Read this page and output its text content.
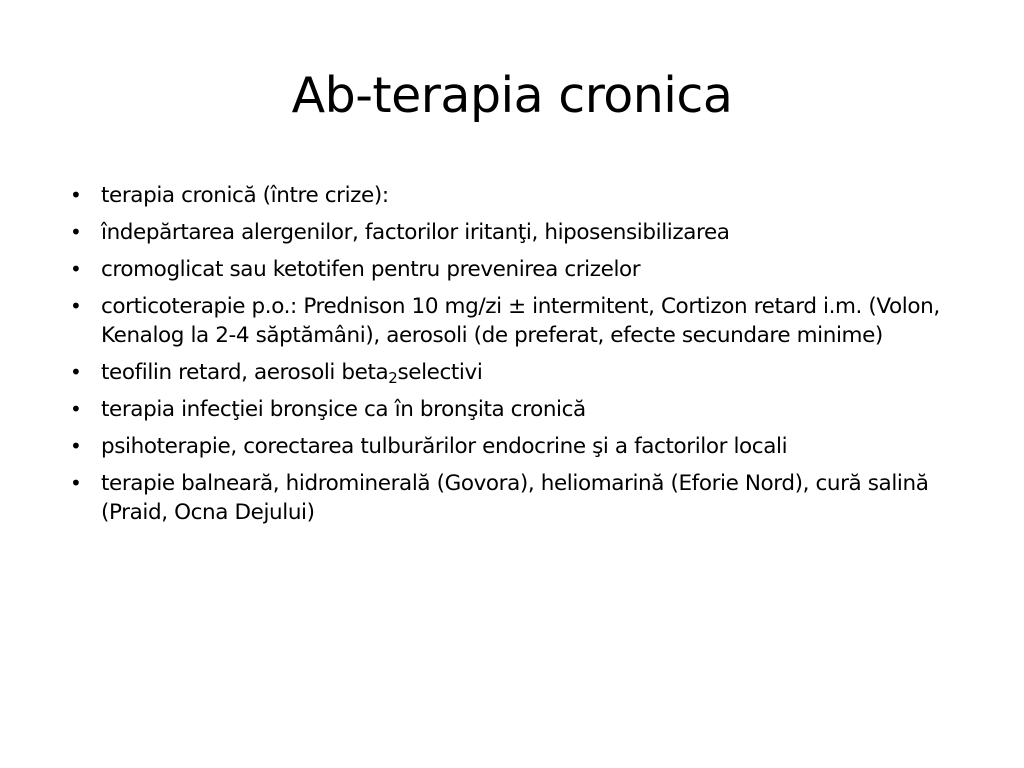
Ab-terapia cronica
• terapia cronică (între crize):
• îndepărtarea alergenilor, factorilor iritanţi, hiposensibilizarea
• cromoglicat sau ketotifen pentru prevenirea crizelor
• corticoterapie p.o.: Prednison 10 mg/zi ± intermitent, Cortizon retard i.m. (Volon, Kenalog la 2-4 săptămâni), aerosoli (de preferat, efecte secundare minime)
• teofilin retard, aerosoli beta$_2$selectivi
• terapia infecţiei bronşice ca în bronşita cronică
• psihoterapie, corectarea tulburărilor endocrine şi a factorilor locali
• terapie balneară, hidrominerală (Govora), heliomarină (Eforie Nord), cură salină (Praid, Ocna Dejului)
